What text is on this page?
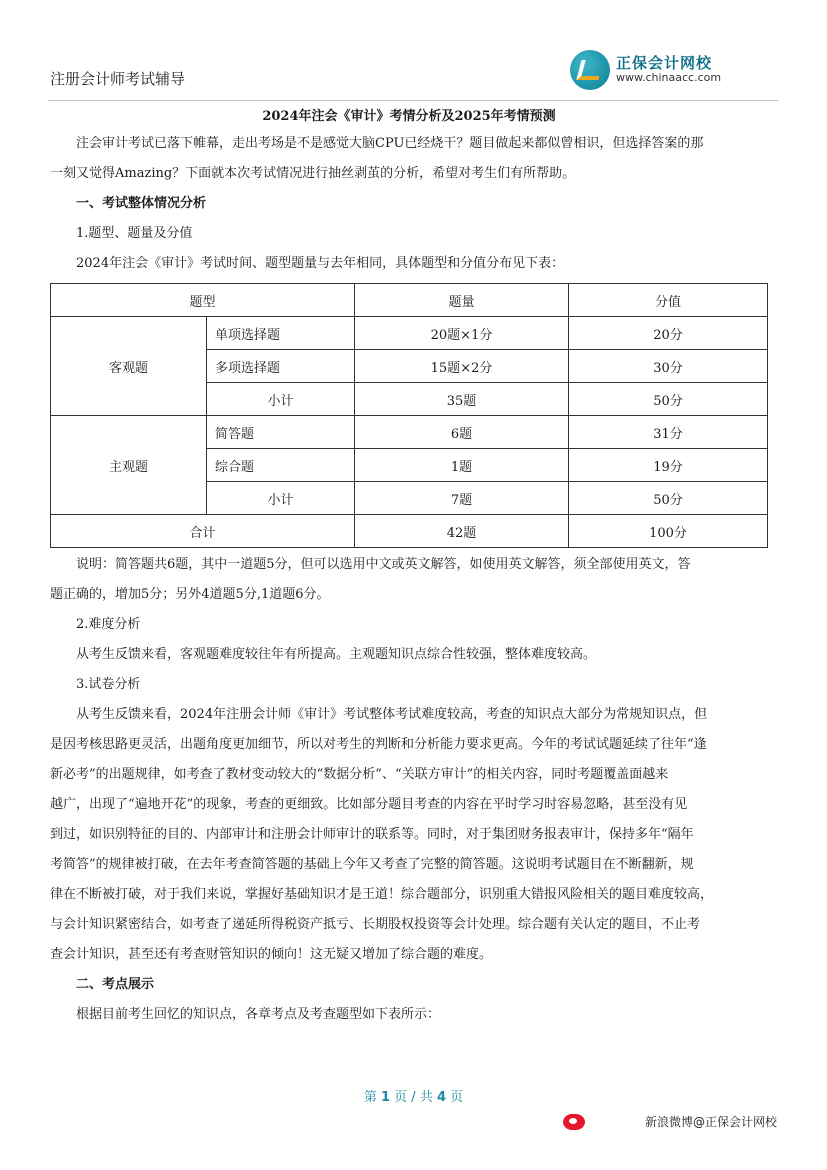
注册会计师考试辅导
正保会计网校
www.chinaacc.com

2024年注会《审计》考情分析及2025年考情预测

注会审计考试已落下帷幕，走出考场是不是感觉大脑CPU已经烧干？题目做起来都似曾相识，但选择答案的那

一刻又觉得Amazing？下面就本次考试情况进行抽丝剥茧的分析，希望对考生们有所帮助。

一、考试整体情况分析

1.题型、题量及分值

2024年注会《审计》考试时间、题型题量与去年相同，具体题型和分值分布见下表：

题型		题量	分值
客观题	单项选择题	20题×1分	20分
	多项选择题	15题×2分	30分
	小计	35题	50分
主观题	简答题	6题	31分
	综合题	1题	19分
	小计	7题	50分
合计		42题	100分

说明：简答题共6题，其中一道题5分，但可以选用中文或英文解答，如使用英文解答，须全部使用英文，答

题正确的，增加5分；另外4道题5分,1道题6分。

2.难度分析

从考生反馈来看，客观题难度较往年有所提高。主观题知识点综合性较强，整体难度较高。

3.试卷分析

从考生反馈来看，2024年注册会计师《审计》考试整体考试难度较高，考查的知识点大部分为常规知识点，但

是因考核思路更灵活，出题角度更加细节，所以对考生的判断和分析能力要求更高。今年的考试试题延续了往年“逢

新必考”的出题规律，如考查了教材变动较大的“数据分析”、“关联方审计”的相关内容，同时考题覆盖面越来

越广，出现了“遍地开花”的现象，考查的更细致。比如部分题目考查的内容在平时学习时容易忽略，甚至没有见

到过，如识别特征的目的、内部审计和注册会计师审计的联系等。同时，对于集团财务报表审计，保持多年“隔年

考简答”的规律被打破，在去年考查简答题的基础上今年又考查了完整的简答题。这说明考试题目在不断翻新，规

律在不断被打破，对于我们来说，掌握好基础知识才是王道！综合题部分，识别重大错报风险相关的题目难度较高，

与会计知识紧密结合，如考查了递延所得税资产抵亏、长期股权投资等会计处理。综合题有关认定的题目，不止考

查会计知识，甚至还有考查财管知识的倾向！这无疑又增加了综合题的难度。

二、考点展示

根据目前考生回忆的知识点，各章考点及考查题型如下表所示：

第 1 页 / 共 4 页
新浪微博@正保会计网校
